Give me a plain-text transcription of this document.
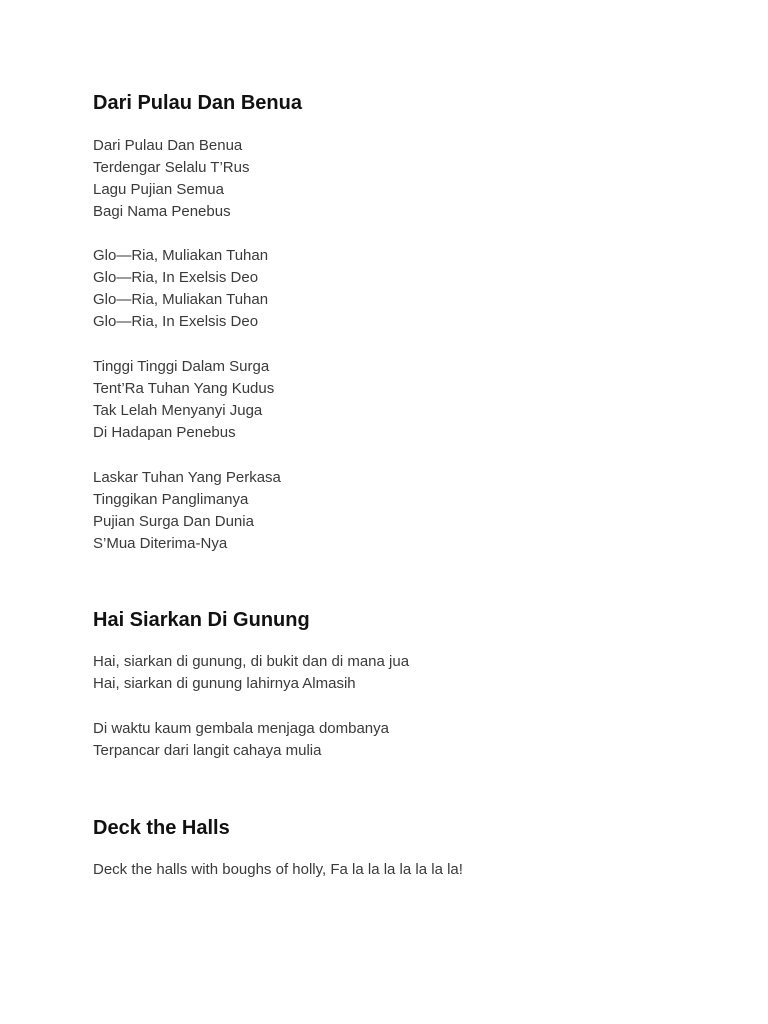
Dari Pulau Dan Benua
Dari Pulau Dan Benua
Terdengar Selalu T’Rus
Lagu Pujian Semua
Bagi Nama Penebus
Glo—Ria, Muliakan Tuhan
Glo—Ria, In Exelsis Deo
Glo—Ria, Muliakan Tuhan
Glo—Ria, In Exelsis Deo
Tinggi Tinggi Dalam Surga
Tent’Ra Tuhan Yang Kudus
Tak Lelah Menyanyi Juga
Di Hadapan Penebus
Laskar Tuhan Yang Perkasa
Tinggikan Panglimanya
Pujian Surga Dan Dunia
S’Mua Diterima-Nya
Hai Siarkan Di Gunung
Hai, siarkan di gunung, di bukit dan di mana jua
Hai, siarkan di gunung lahirnya Almasih
Di waktu kaum gembala menjaga dombanya
Terpancar dari langit cahaya mulia
Deck the Halls
Deck the halls with boughs of holly, Fa la la la la la la la!
